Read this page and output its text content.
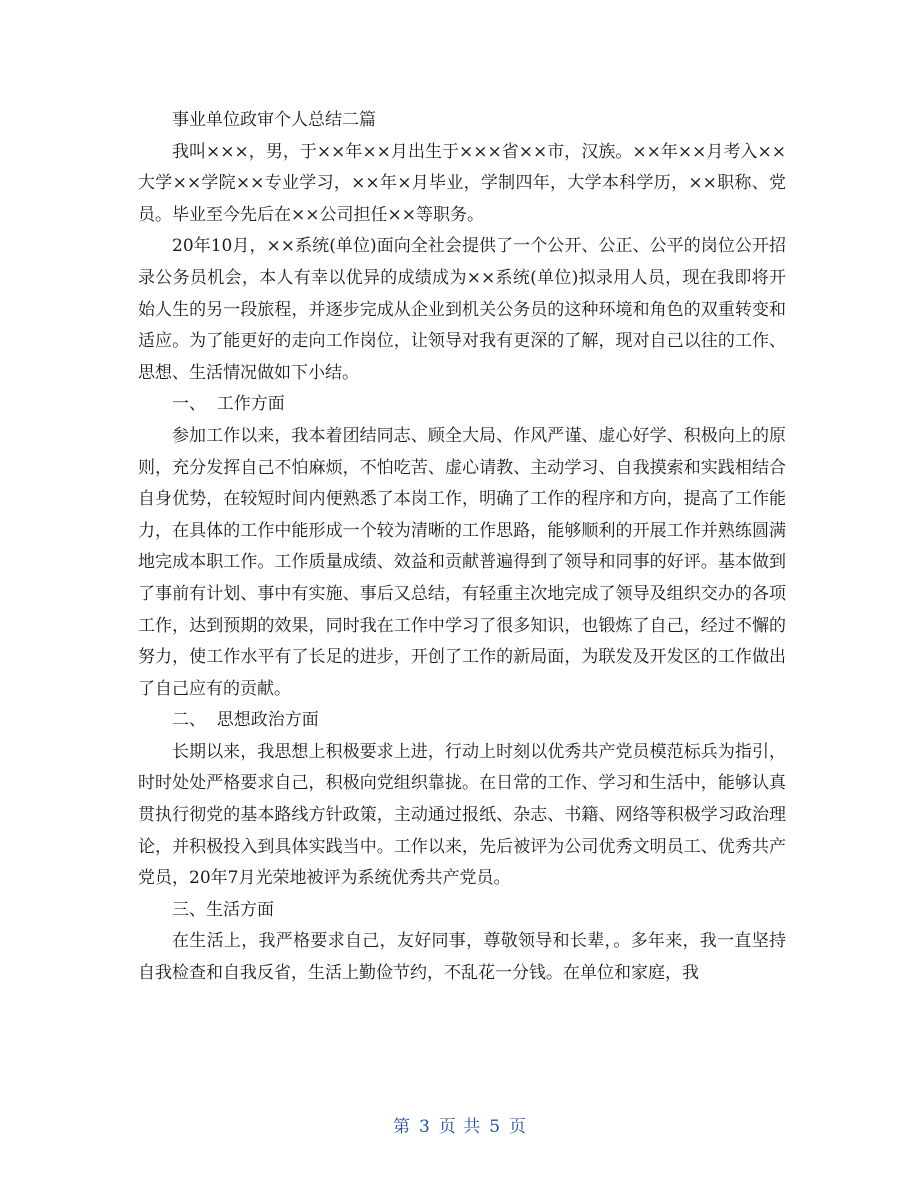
事业单位政审个人总结二篇

我叫×××，男，于××年××月出生于×××省××市，汉族。××年××月考入××大学××学院××专业学习，××年×月毕业，学制四年，大学本科学历，××职称、党员。毕业至今先后在××公司担任××等职务。

20年10月，××系统(单位)面向全社会提供了一个公开、公正、公平的岗位公开招录公务员机会，本人有幸以优异的成绩成为××系统(单位)拟录用人员，现在我即将开始人生的另一段旅程，并逐步完成从企业到机关公务员的这种环境和角色的双重转变和适应。为了能更好的走向工作岗位，让领导对我有更深的了解，现对自己以往的工作、思想、生活情况做如下小结。

一、  工作方面

参加工作以来，我本着团结同志、顾全大局、作风严谨、虚心好学、积极向上的原则，充分发挥自己不怕麻烦，不怕吃苦、虚心请教、主动学习、自我摸索和实践相结合自身优势，在较短时间内便熟悉了本岗工作，明确了工作的程序和方向，提高了工作能力，在具体的工作中能形成一个较为清晰的工作思路，能够顺利的开展工作并熟练圆满地完成本职工作。工作质量成绩、效益和贡献普遍得到了领导和同事的好评。基本做到了事前有计划、事中有实施、事后又总结，有轻重主次地完成了领导及组织交办的各项工作，达到预期的效果，同时我在工作中学习了很多知识，也锻炼了自己，经过不懈的努力，使工作水平有了长足的进步，开创了工作的新局面，为联发及开发区的工作做出了自己应有的贡献。

二、  思想政治方面

长期以来，我思想上积极要求上进，行动上时刻以优秀共产党员模范标兵为指引，时时处处严格要求自己，积极向党组织靠拢。在日常的工作、学习和生活中，能够认真贯执行彻党的基本路线方针政策，主动通过报纸、杂志、书籍、网络等积极学习政治理论，并积极投入到具体实践当中。工作以来，先后被评为公司优秀文明员工、优秀共产党员，20年7月光荣地被评为系统优秀共产党员。

三、生活方面

在生活上，我严格要求自己，友好同事，尊敬领导和长辈，。多年来，我一直坚持自我检查和自我反省，生活上勤俭节约，不乱花一分钱。在单位和家庭，我

第 3 页 共 5 页
